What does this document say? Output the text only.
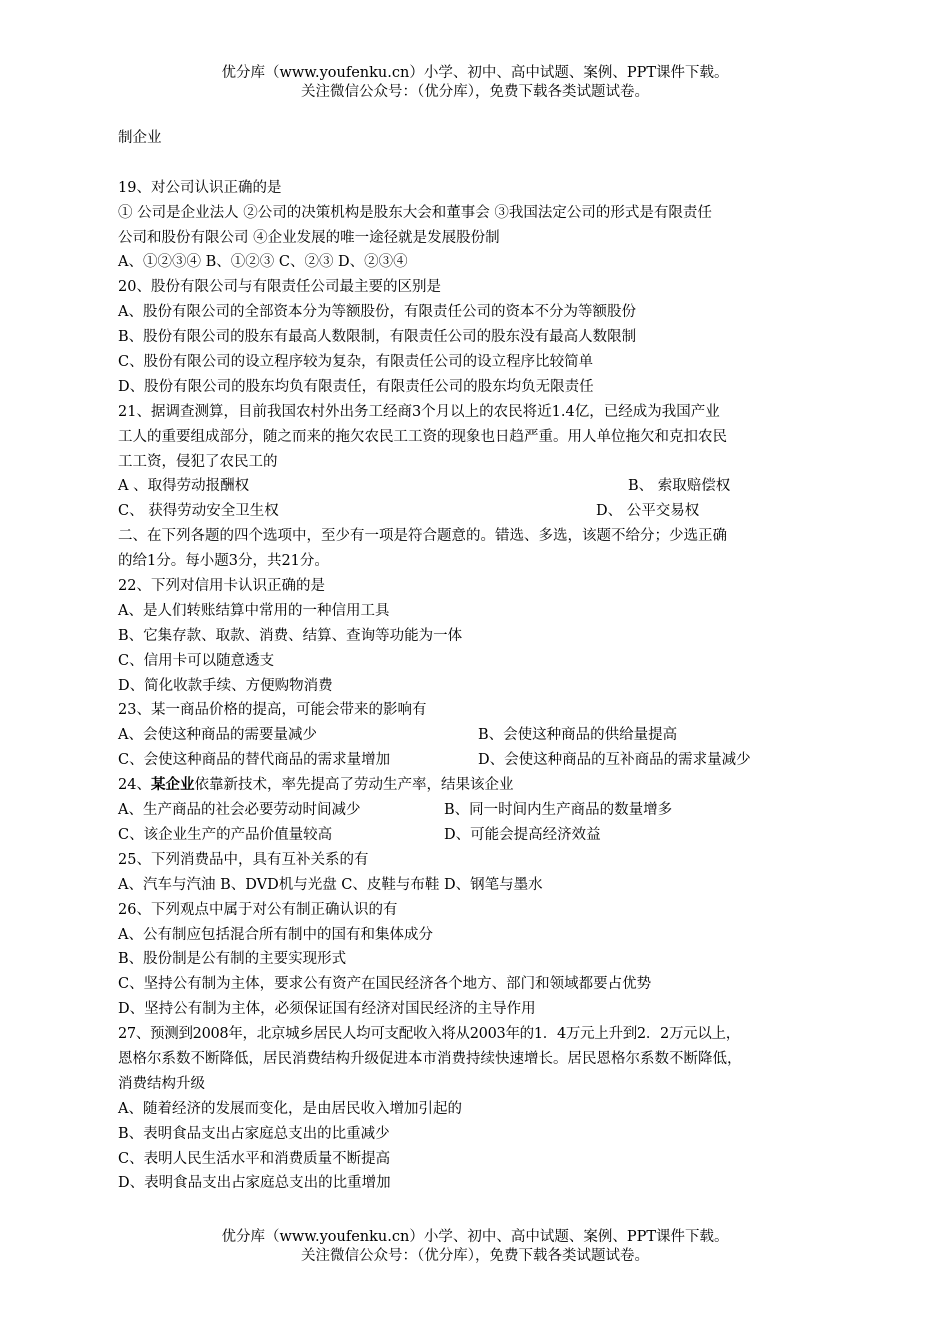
优分库（www.youfenku.cn）小学、初中、高中试题、案例、PPT课件下载。
关注微信公众号：（优分库），免费下载各类试题试卷。
制企业
19、对公司认识正确的是
① 公司是企业法人 ②公司的决策机构是股东大会和董事会 ③我国法定公司的形式是有限责任
公司和股份有限公司 ④企业发展的唯一途径就是发展股份制
A、①②③④ B、①②③ C、②③ D、②③④
20、股份有限公司与有限责任公司最主要的区别是
A、股份有限公司的全部资本分为等额股份，有限责任公司的资本不分为等额股份
B、股份有限公司的股东有最高人数限制，有限责任公司的股东没有最高人数限制
C、股份有限公司的设立程序较为复杂，有限责任公司的设立程序比较简单
D、股份有限公司的股东均负有限责任，有限责任公司的股东均负无限责任
21、据调查测算，目前我国农村外出务工经商3个月以上的农民将近1.4亿，已经成为我国产业
工人的重要组成部分，随之而来的拖欠农民工工资的现象也日趋严重。用人单位拖欠和克扣农民
工工资，侵犯了农民工的
A 、取得劳动报酬权	B、 索取赔偿权
C、 获得劳动安全卫生权	D、 公平交易权
二、在下列各题的四个选项中，至少有一项是符合题意的。错选、多选，该题不给分；少选正确
的给1分。每小题3分，共21分。
22、下列对信用卡认识正确的是
A、是人们转账结算中常用的一种信用工具
B、它集存款、取款、消费、结算、查询等功能为一体
C、信用卡可以随意透支
D、简化收款手续、方便购物消费
23、某一商品价格的提高，可能会带来的影响有
A、会使这种商品的需要量减少	B、会使这种商品的供给量提高
C、会使这种商品的替代商品的需求量增加	D、会使这种商品的互补商品的需求量减少
24、某企业依靠新技术，率先提高了劳动生产率，结果该企业
A、生产商品的社会必要劳动时间减少	B、同一时间内生产商品的数量增多
C、该企业生产的产品价值量较高	D、可能会提高经济效益
25、下列消费品中，具有互补关系的有
A、汽车与汽油 B、DVD机与光盘 C、皮鞋与布鞋 D、钢笔与墨水
26、下列观点中属于对公有制正确认识的有
A、公有制应包括混合所有制中的国有和集体成分
B、股份制是公有制的主要实现形式
C、坚持公有制为主体，要求公有资产在国民经济各个地方、部门和领域都要占优势
D、坚持公有制为主体，必须保证国有经济对国民经济的主导作用
27、预测到2008年，北京城乡居民人均可支配收入将从2003年的1．4万元上升到2．2万元以上，
恩格尔系数不断降低，居民消费结构升级促进本市消费持续快速增长。居民恩格尔系数不断降低，
消费结构升级
A、随着经济的发展而变化，是由居民收入增加引起的
B、表明食品支出占家庭总支出的比重减少
C、表明人民生活水平和消费质量不断提高
D、表明食品支出占家庭总支出的比重增加
优分库（www.youfenku.cn）小学、初中、高中试题、案例、PPT课件下载。
关注微信公众号：（优分库），免费下载各类试题试卷。
